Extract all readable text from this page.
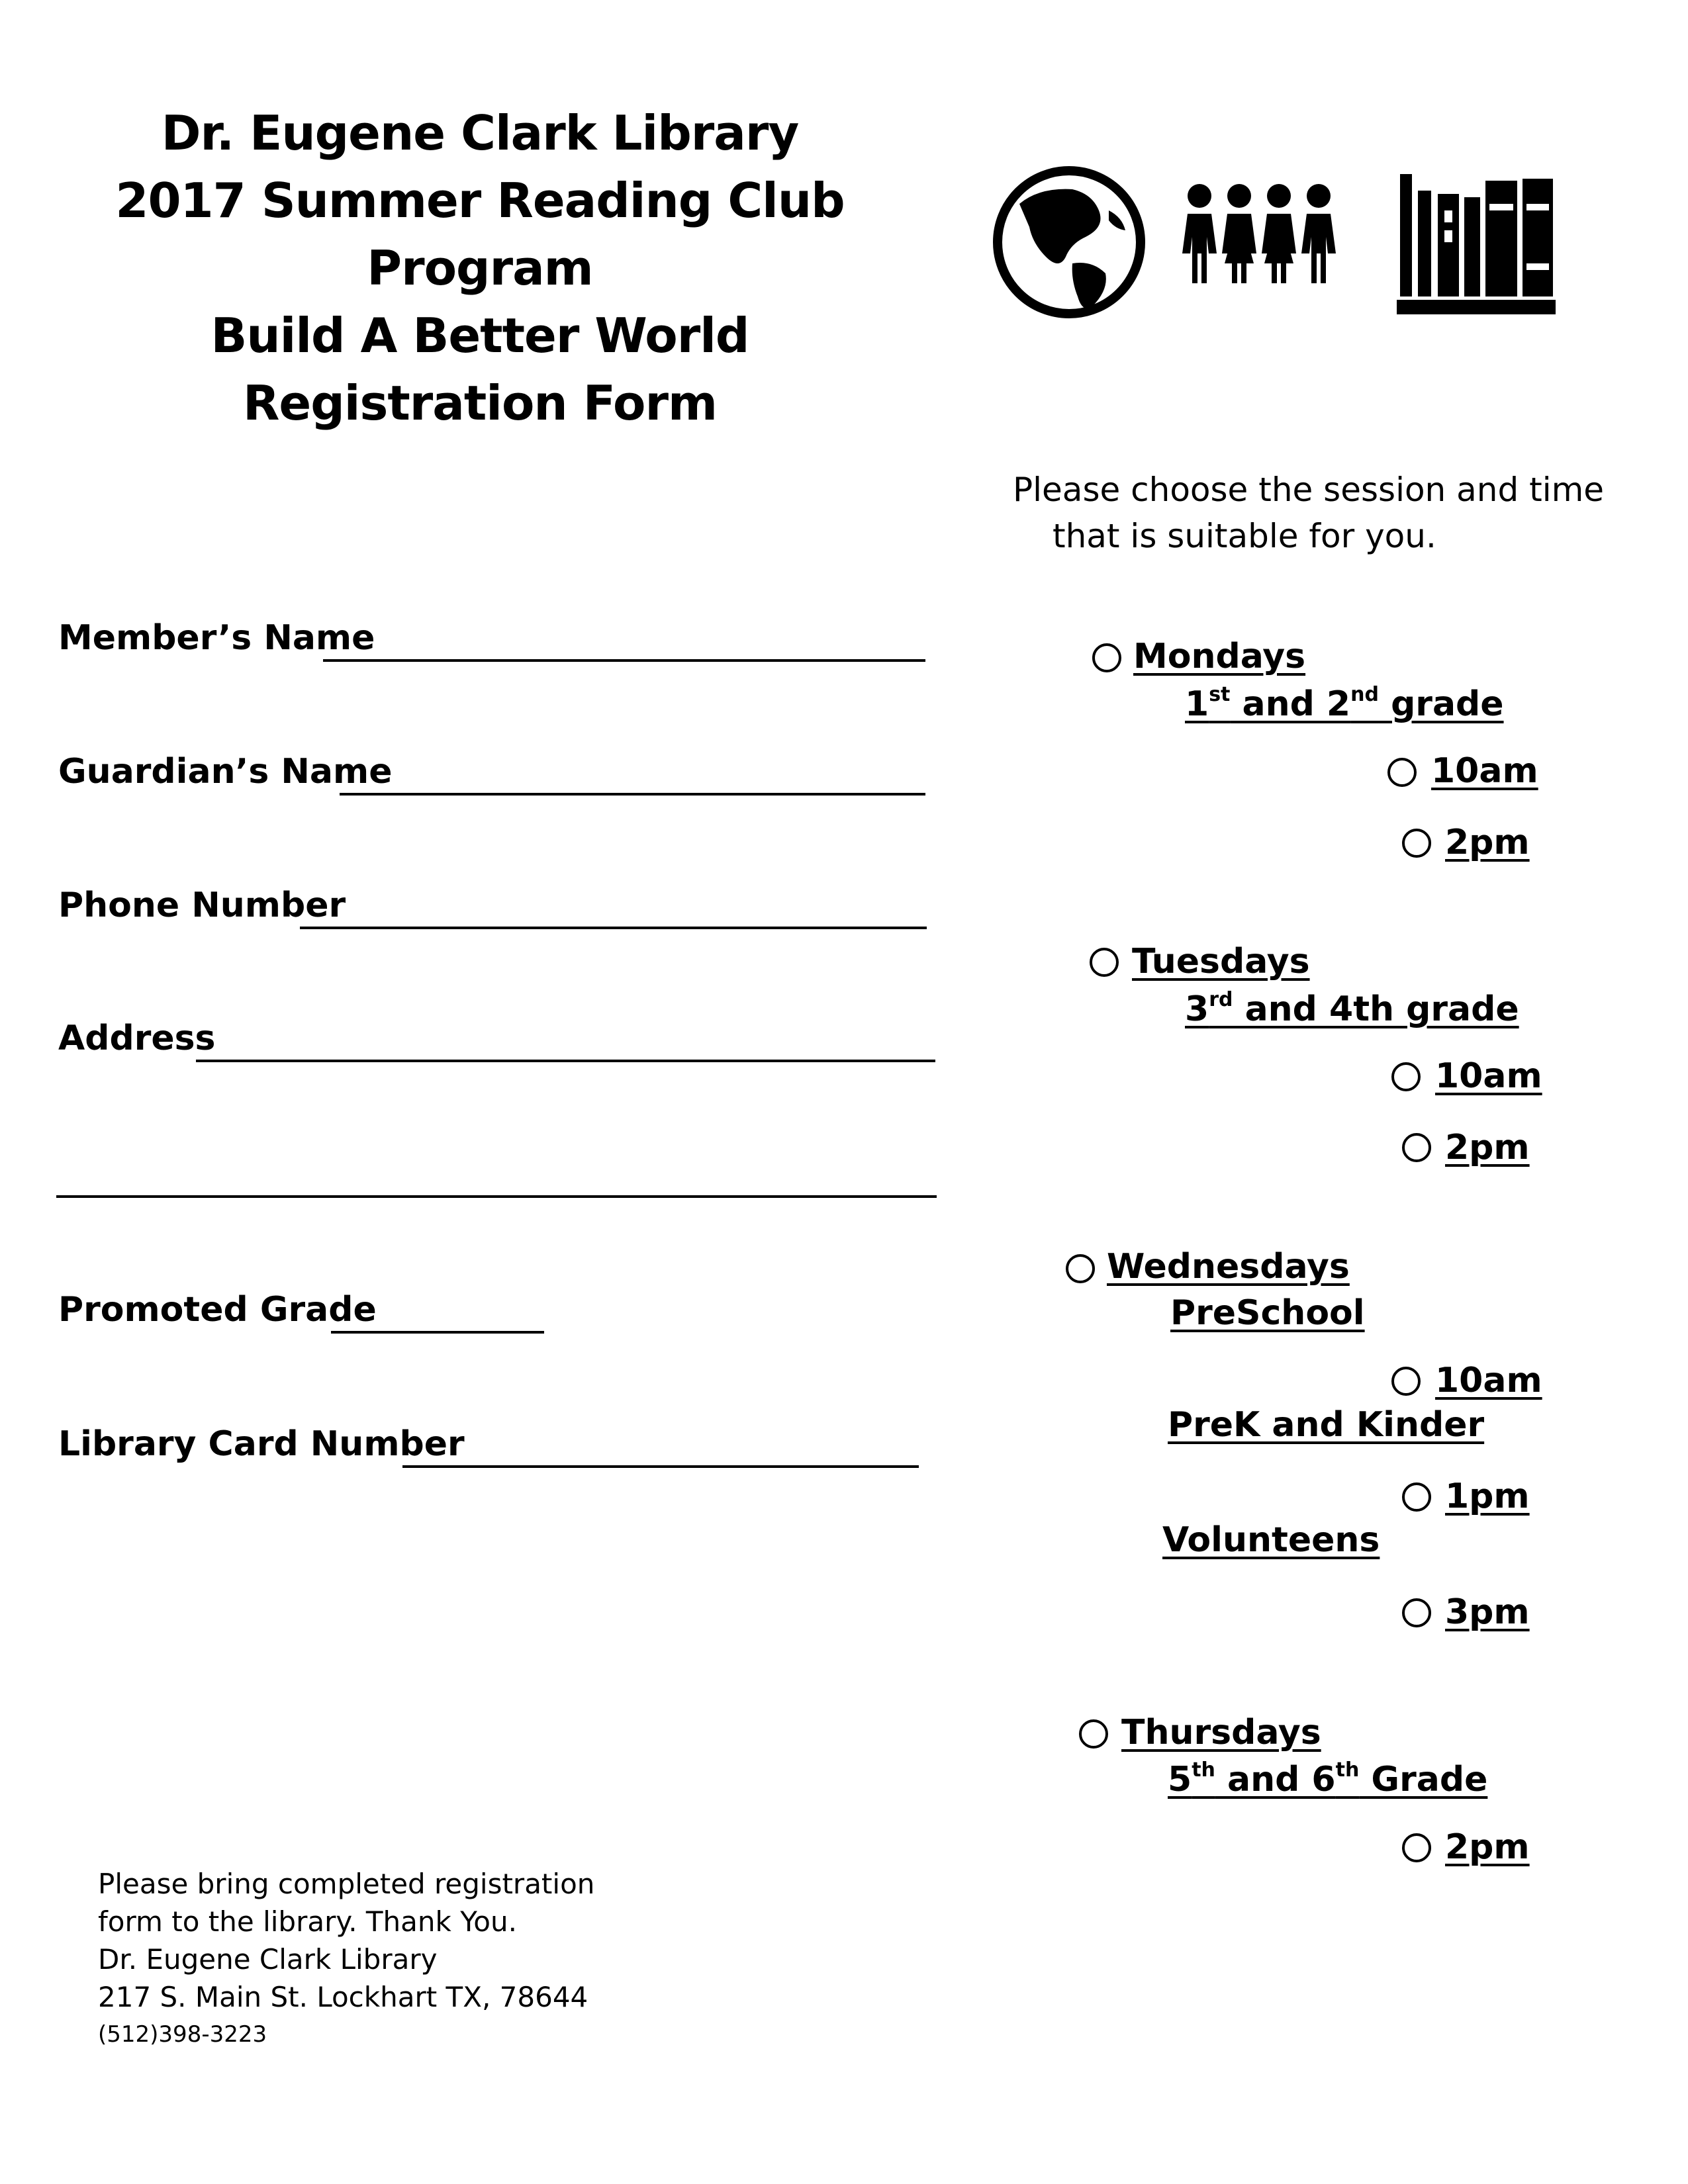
Dr. Eugene Clark Library
2017 Summer Reading Club
Program
Build A Better World
Registration Form
Please choose the session and time
that is suitable for you.
Member’s Name
Guardian’s Name
Phone Number
Address
Promoted Grade
Library Card Number
Mondays
1st and 2nd grade
10am
2pm
Tuesdays
3rd and 4th grade
10am
2pm
Wednesdays
PreSchool
10am
PreK and Kinder
1pm
Volunteens
3pm
Thursdays
5th and 6th Grade
2pm
Please bring completed registration
form to the library. Thank You.
Dr. Eugene Clark Library
217 S. Main St. Lockhart TX, 78644
(512)398-3223
